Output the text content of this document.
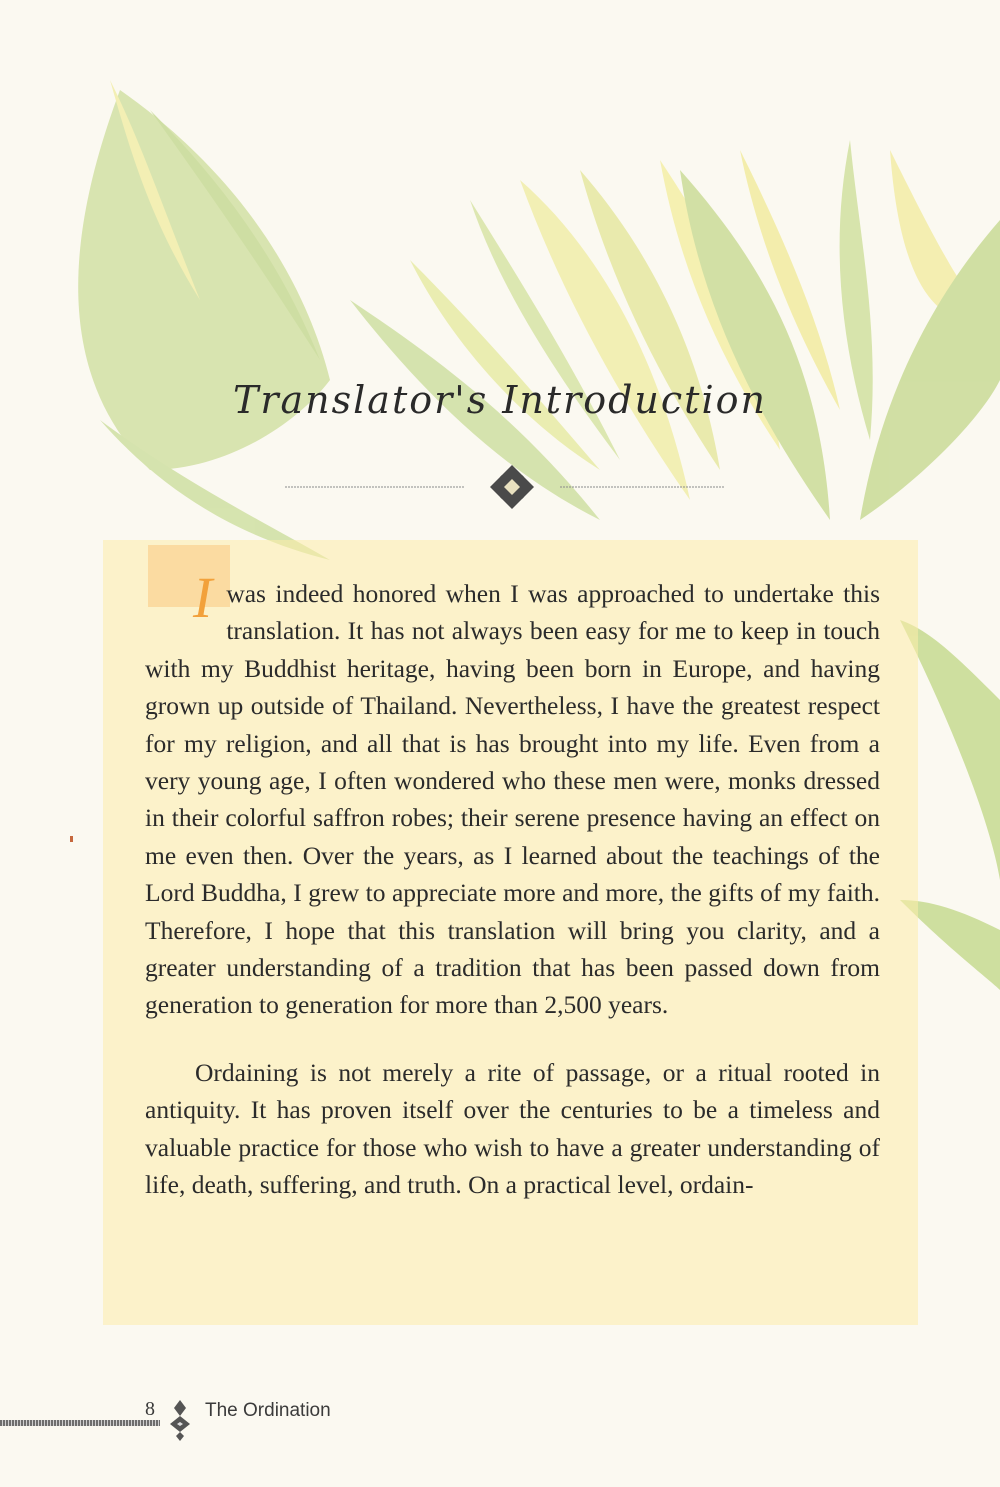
Translator's Introduction

I was indeed honored when I was approached to undertake this translation. It has not always been easy for me to keep in touch with my Buddhist heritage, having been born in Europe, and having grown up outside of Thailand. Nevertheless, I have the greatest respect for my religion, and all that is has brought into my life. Even from a very young age, I often wondered who these men were, monks dressed in their colorful saffron robes; their serene presence having an effect on me even then. Over the years, as I learned about the teachings of the Lord Buddha, I grew to appreciate more and more, the gifts of my faith. Therefore, I hope that this translation will bring you clarity, and a greater understanding of a tradition that has been passed down from generation to generation for more than 2,500 years.

Ordaining is not merely a rite of passage, or a ritual rooted in antiquity. It has proven itself over the centuries to be a timeless and valuable practice for those who wish to have a greater understanding of life, death, suffering, and truth. On a practical level, ordain-

8	The Ordination
